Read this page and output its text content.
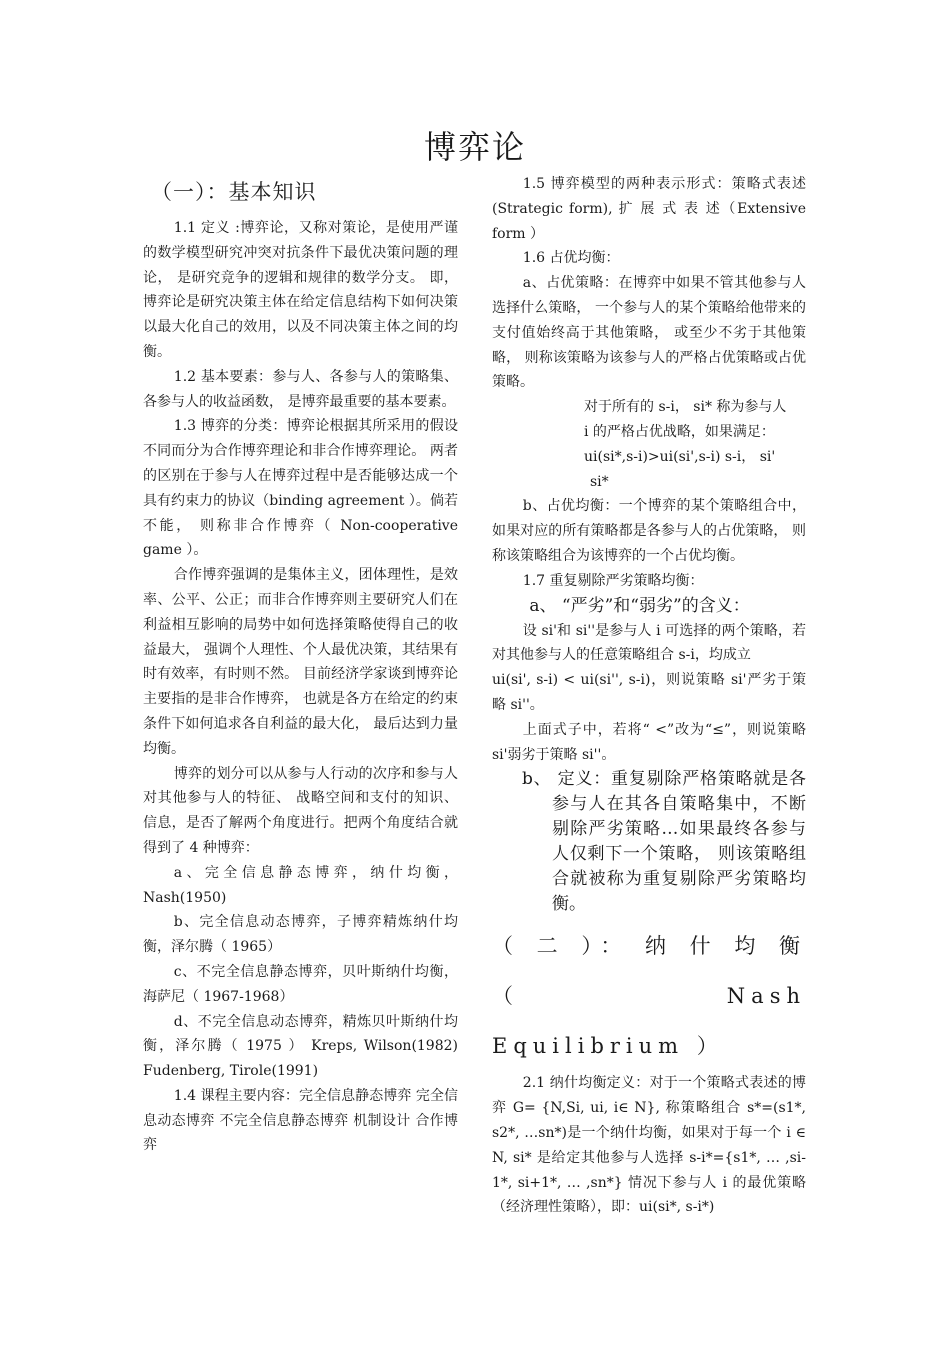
博弈论

（一）：基本知识

1.1 定义 :博弈论，又称对策论，是使用严谨的数学模型研究冲突对抗条件下最优决策问题的理论， 是研究竞争的逻辑和规律的数学分支。 即，博弈论是研究决策主体在给定信息结构下如何决策以最大化自己的效用，以及不同决策主体之间的均衡。

1.2 基本要素：参与人、各参与人的策略集、各参与人的收益函数， 是博弈最重要的基本要素。

1.3 博弈的分类：博弈论根据其所采用的假设不同而分为合作博弈理论和非合作博弈理论。 两者的区别在于参与人在博弈过程中是否能够达成一个具有约束力的协议（binding agreement ）。倘若不能， 则称非合作博弈（ Non-cooperative game ）。

合作博弈强调的是集体主义，团体理性，是效率、公平、公正；而非合作博弈则主要研究人们在利益相互影响的局势中如何选择策略使得自己的收益最大， 强调个人理性、个人最优决策，其结果有时有效率，有时则不然。 目前经济学家谈到博弈论主要指的是非合作博弈， 也就是各方在给定的约束条件下如何追求各自利益的最大化， 最后达到力量均衡。

博弈的划分可以从参与人行动的次序和参与人对其他参与人的特征、 战略空间和支付的知识、 信息，是否了解两个角度进行。把两个角度结合就得到了 4 种博弈：

a、完全信息静态博弈，纳什均衡，Nash(1950)

b、完全信息动态博弈，子博弈精炼纳什均衡，泽尔腾（ 1965）

c、不完全信息静态博弈，贝叶斯纳什均衡，海萨尼（ 1967-1968）

d、不完全信息动态博弈，精炼贝叶斯纳什均衡，泽尔腾（ 1975 ） Kreps, Wilson(1982) Fudenberg, Tirole(1991)

1.4 课程主要内容：完全信息静态博弈 完全信息动态博弈 不完全信息静态博弈 机制设计 合作博弈

1.5 博弈模型的两种表示形式：策略式表述 (Strategic form), 扩 展 式 表 述（Extensive form ）

1.6 占优均衡：

a、占优策略：在博弈中如果不管其他参与人选择什么策略， 一个参与人的某个策略给他带来的支付值始终高于其他策略， 或至少不劣于其他策略， 则称该策略为该参与人的严格占优策略或占优策略。

对于所有的 s-i， si* 称为参与人

i 的严格占优战略，如果满足：

ui(si*,s-i)>ui(si',s-i) s-i， si'

si*

b、占优均衡：一个博弈的某个策略组合中，如果对应的所有策略都是各参与人的占优策略， 则称该策略组合为该博弈的一个占优均衡。

1.7 重复剔除严劣策略均衡：

a、 “严劣”和“弱劣”的含义：

设 si'和 si''是参与人 i 可选择的两个策略，若对其他参与人的任意策略组合 s-i，均成立

ui(si', s-i) < ui(si'', s-i)，则说策略 si'严劣于策略 si''。

上面式子中，若将“ <”改为“≤”，则说策略 si'弱劣于策略 si''。

b、 定义：重复剔除严格策略就是各参与人在其各自策略集中，不断剔除严劣策略…如果最终各参与人仅剩下一个策略， 则该策略组合就被称为重复剔除严劣策略均衡。

（ 二 ）： 纳 什 均 衡 （ Nash Equilibrium ）

2.1 纳什均衡定义：对于一个策略式表述的博弈 G= {N,Si, ui, i∈ N}, 称策略组合 s*=(s1*, s2*, …sn*)是一个纳什均衡，如果对于每一个 i ∈ N, si* 是给定其他参与人选择 s-i*={s1*, … ,si-1*, si+1*, … ,sn*} 情况下参与人 i 的最优策略 （经济理性策略），即：ui(si*, s-i*)
